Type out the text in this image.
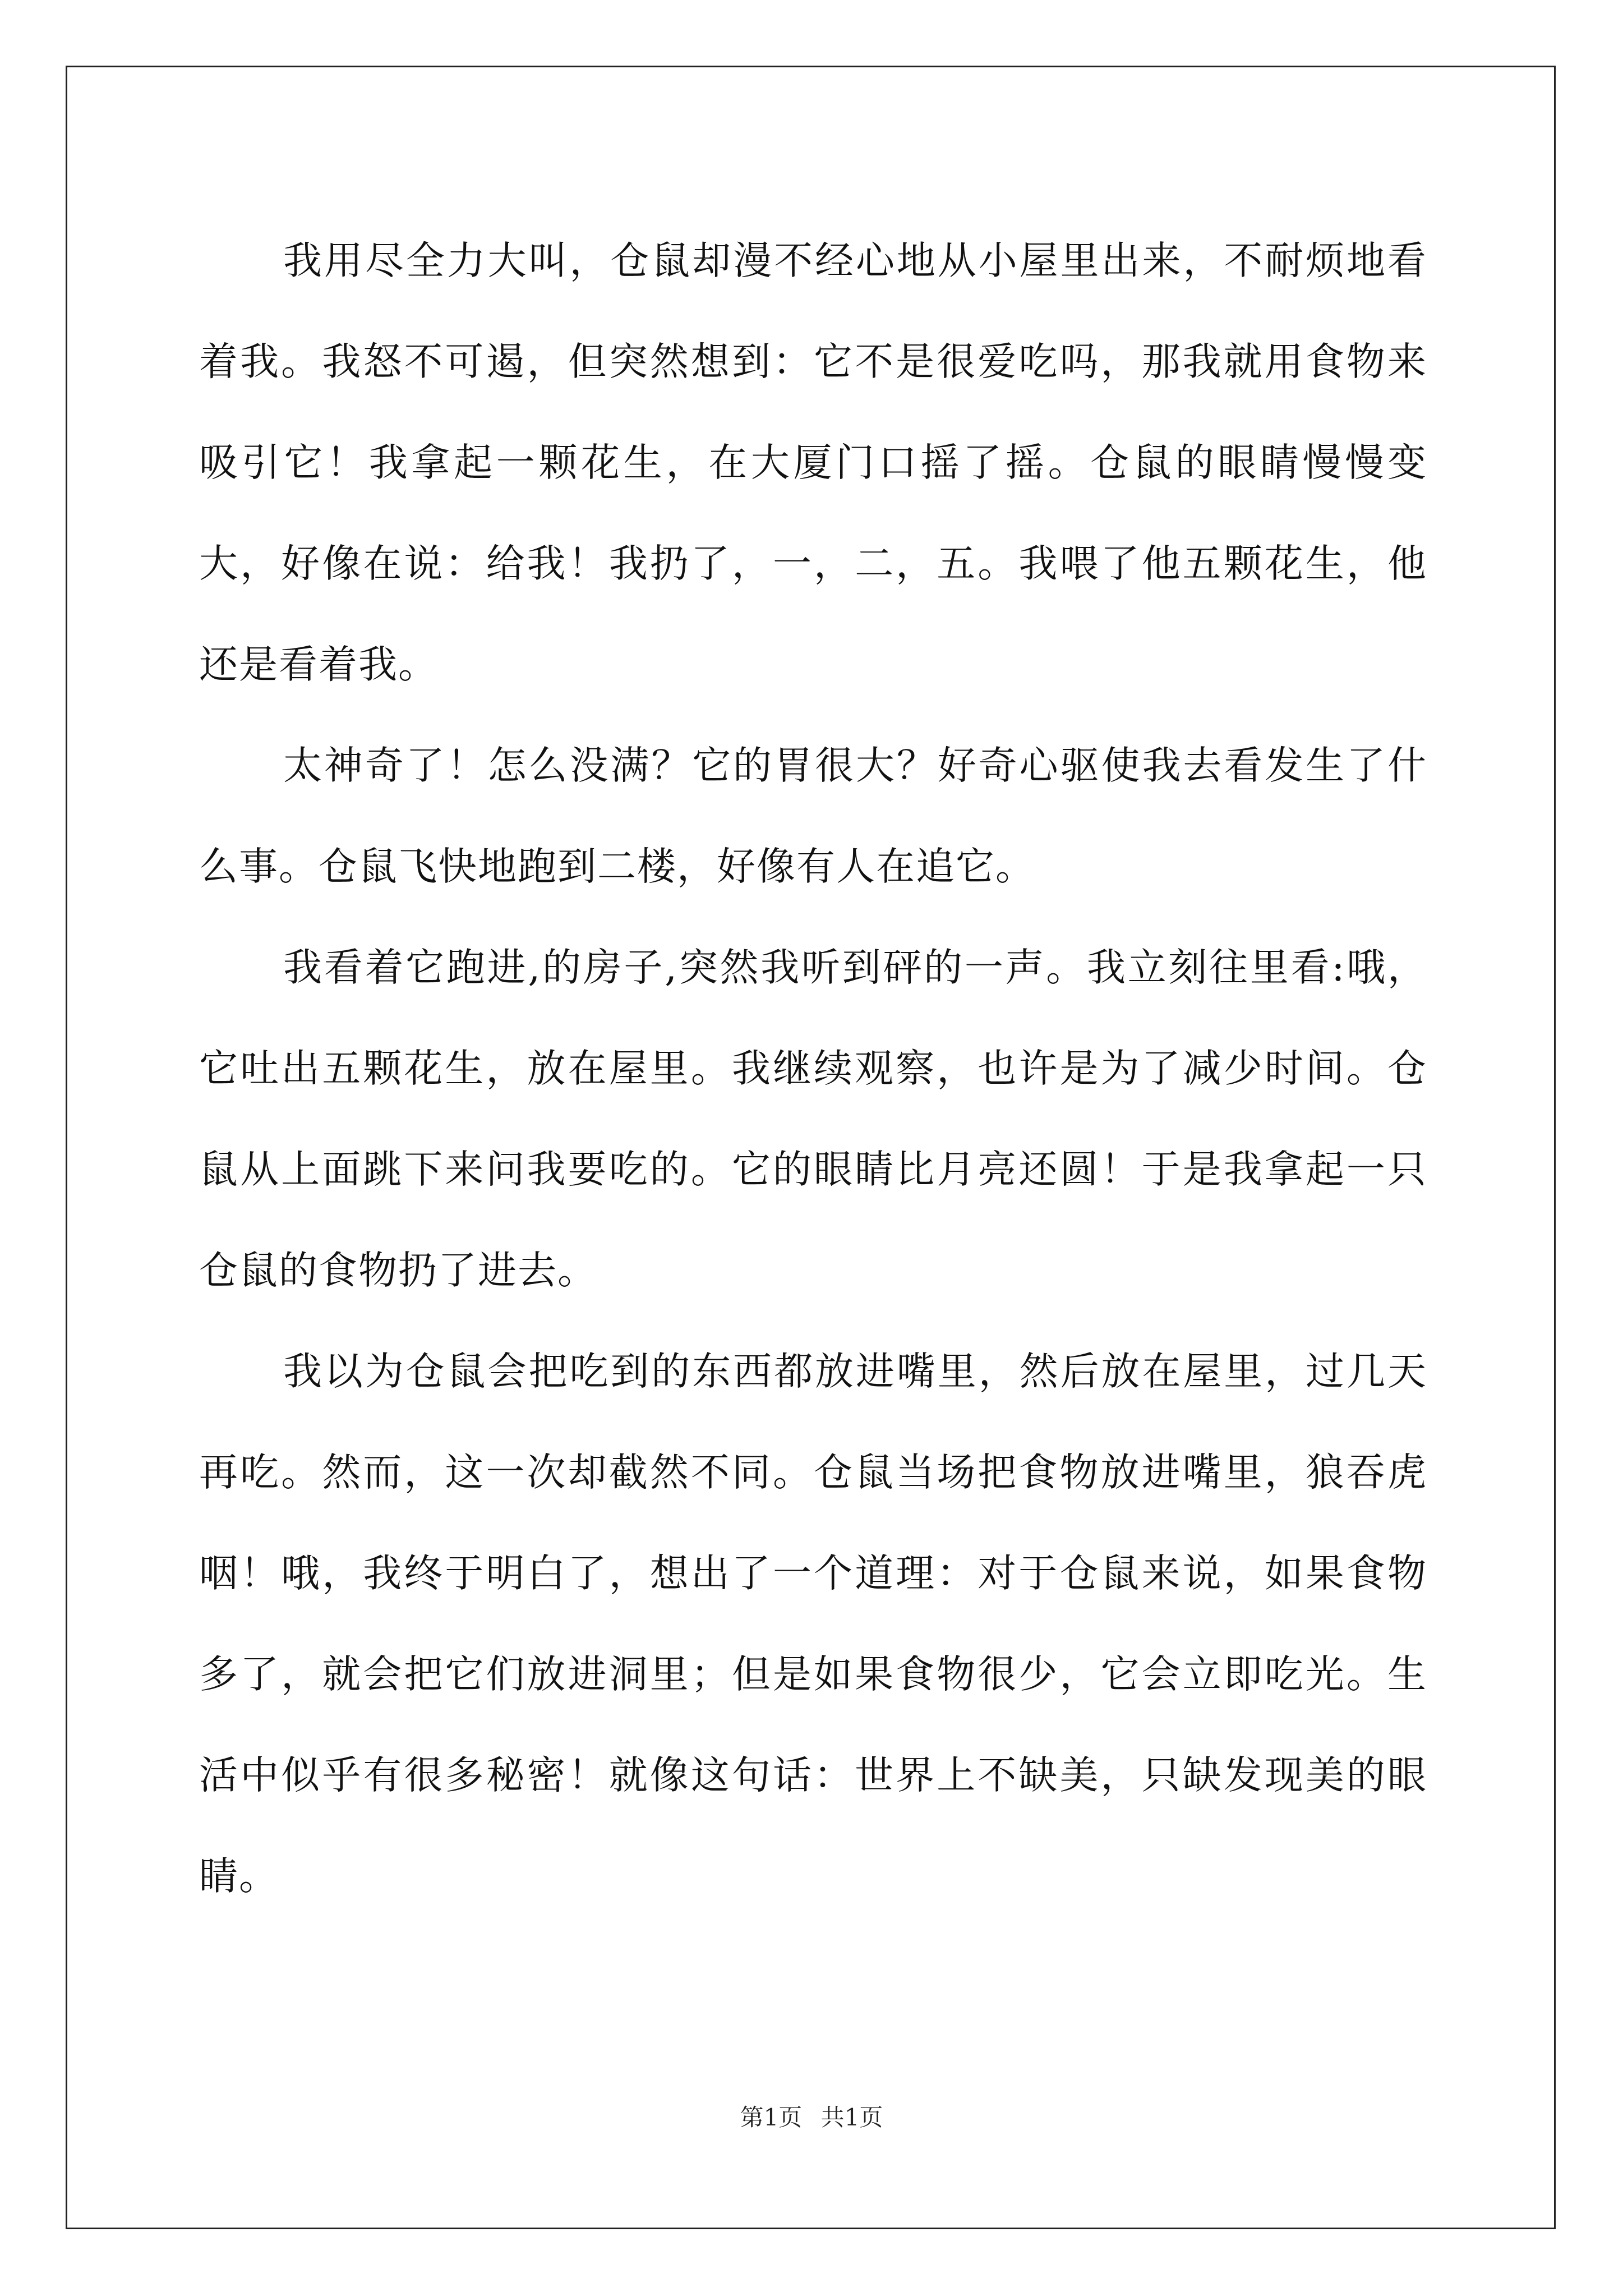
我用尽全力大叫，仓鼠却漫不经心地从小屋里出来，不耐烦地看着我。我怒不可遏，但突然想到：它不是很爱吃吗，那我就用食物来吸引它！我拿起一颗花生，在大厦门口摇了摇。仓鼠的眼睛慢慢变大，好像在说：给我！我扔了，一，二，五。我喂了他五颗花生，他还是看着我。

太神奇了！怎么没满？它的胃很大？好奇心驱使我去看发生了什么事。仓鼠飞快地跑到二楼，好像有人在追它。

我看着它跑进,的房子,突然我听到砰的一声。我立刻往里看:哦，它吐出五颗花生，放在屋里。我继续观察，也许是为了减少时间。仓鼠从上面跳下来问我要吃的。它的眼睛比月亮还圆！于是我拿起一只仓鼠的食物扔了进去。

我以为仓鼠会把吃到的东西都放进嘴里，然后放在屋里，过几天再吃。然而，这一次却截然不同。仓鼠当场把食物放进嘴里，狼吞虎咽！哦，我终于明白了，想出了一个道理：对于仓鼠来说，如果食物多了，就会把它们放进洞里；但是如果食物很少，它会立即吃光。生活中似乎有很多秘密！就像这句话：世界上不缺美，只缺发现美的眼睛。

第1页 共1页
